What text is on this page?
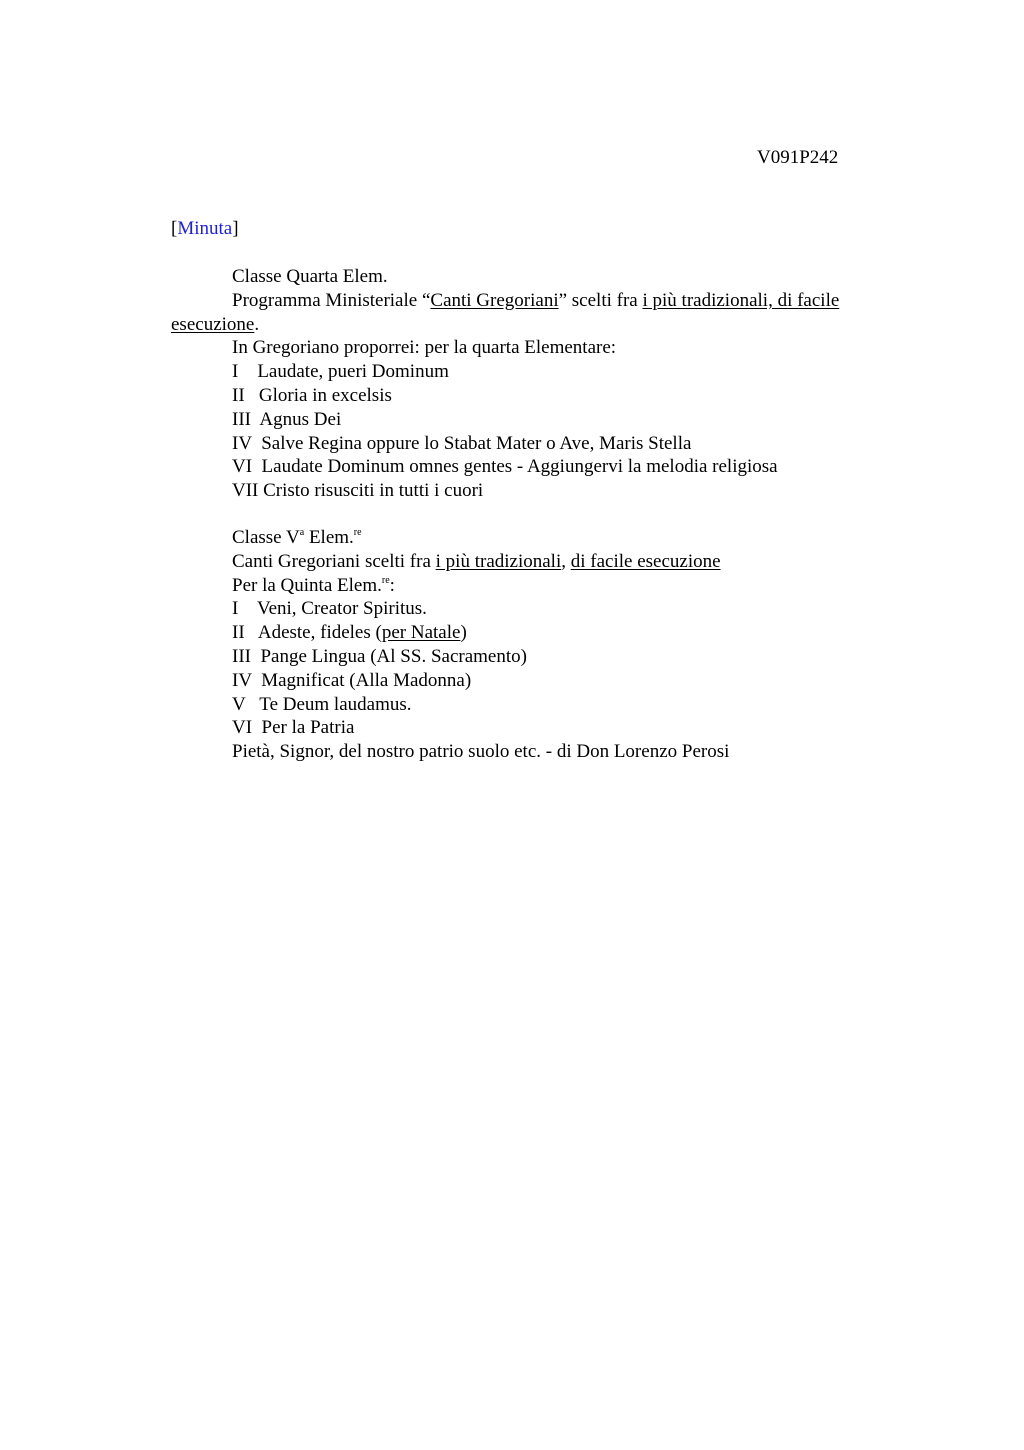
V091P242
[Minuta]
Classe Quarta Elem.
Programma Ministeriale “Canti Gregoriani” scelti fra i più tradizionali, di facile
esecuzione.
In Gregoriano proporrei: per la quarta Elementare:
I    Laudate, pueri Dominum
II   Gloria in excelsis
III  Agnus Dei
IV  Salve Regina oppure lo Stabat Mater o Ave, Maris Stella
VI  Laudate Dominum omnes gentes - Aggiungervi la melodia religiosa
VII Cristo risusciti in tutti i cuori
Classe $V^a$ Elem.$^{re}$
Canti Gregoriani scelti fra i più tradizionali, di facile esecuzione
Per la Quinta Elem.$^{re}$:
I    Veni, Creator Spiritus.
II   Adeste, fideles (per Natale)
III  Pange Lingua (Al SS. Sacramento)
IV  Magnificat (Alla Madonna)
V   Te Deum laudamus.
VI  Per la Patria
Pietà, Signor, del nostro patrio suolo etc. - di Don Lorenzo Perosi
